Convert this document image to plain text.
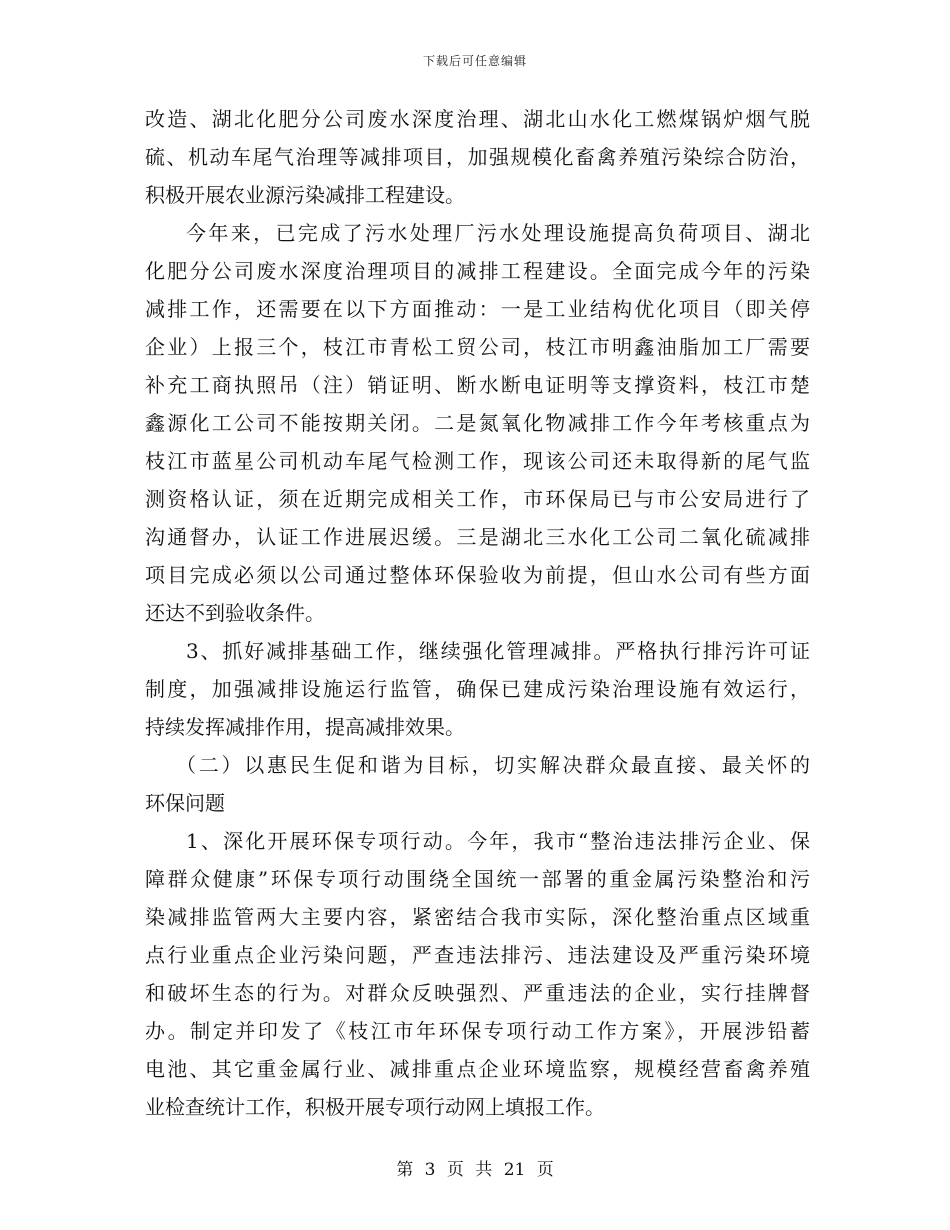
下载后可任意编辑
改造、湖北化肥分公司废水深度治理、湖北山水化工燃煤锅炉烟气脱
硫、机动车尾气治理等减排项目，加强规模化畜禽养殖污染综合防治，
积极开展农业源污染减排工程建设。
今年来，已完成了污水处理厂污水处理设施提高负荷项目、湖北
化肥分公司废水深度治理项目的减排工程建设。全面完成今年的污染
减排工作，还需要在以下方面推动：一是工业结构优化项目（即关停
企业）上报三个，枝江市青松工贸公司，枝江市明鑫油脂加工厂需要
补充工商执照吊（注）销证明、断水断电证明等支撑资料，枝江市楚
鑫源化工公司不能按期关闭。二是氮氧化物减排工作今年考核重点为
枝江市蓝星公司机动车尾气检测工作，现该公司还未取得新的尾气监
测资格认证，须在近期完成相关工作，市环保局已与市公安局进行了
沟通督办，认证工作进展迟缓。三是湖北三水化工公司二氧化硫减排
项目完成必须以公司通过整体环保验收为前提，但山水公司有些方面
还达不到验收条件。
3、抓好减排基础工作，继续强化管理减排。严格执行排污许可证
制度，加强减排设施运行监管，确保已建成污染治理设施有效运行，
持续发挥减排作用，提高减排效果。
（二）以惠民生促和谐为目标，切实解决群众最直接、最关怀的
环保问题
1、深化开展环保专项行动。今年，我市“整治违法排污企业、保
障群众健康”环保专项行动围绕全国统一部署的重金属污染整治和污
染减排监管两大主要内容，紧密结合我市实际，深化整治重点区域重
点行业重点企业污染问题，严查违法排污、违法建设及严重污染环境
和破坏生态的行为。对群众反映强烈、严重违法的企业，实行挂牌督
办。制定并印发了《枝江市年环保专项行动工作方案》，开展涉铅蓄
电池、其它重金属行业、减排重点企业环境监察，规模经营畜禽养殖
业检查统计工作，积极开展专项行动网上填报工作。
第 3 页 共 21 页
